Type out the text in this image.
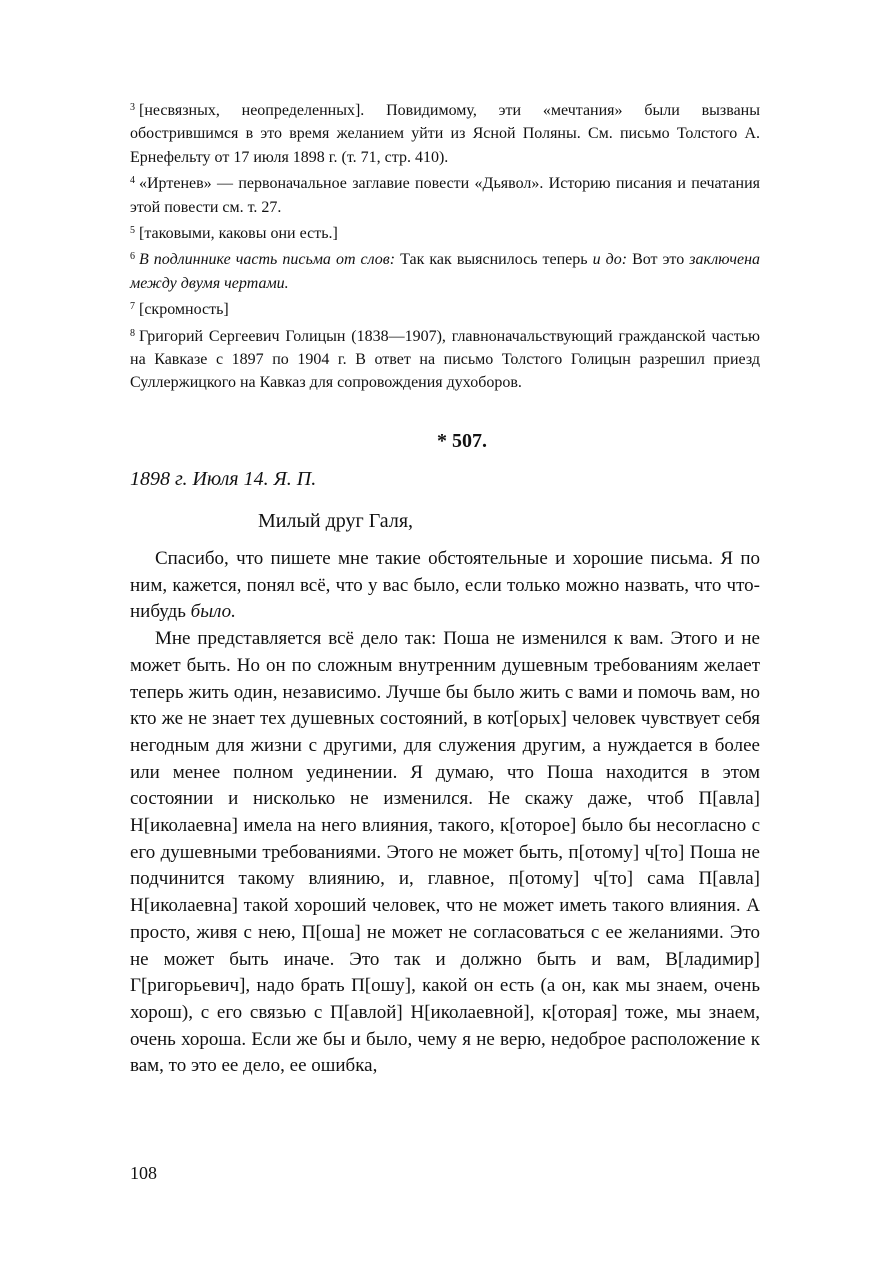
$^3$ [несвязных, неопределенных]. Повидимому, эти «мечтания» были вызваны обострившимся в это время желанием уйти из Ясной Поляны. См. письмо Толстого А. Ернефельту от 17 июля 1898 г. (т. 71, стр. 410).

$^4$ «Иртенев» — первоначальное заглавие повести «Дьявол». Историю писания и печатания этой повести см. т. 27.

$^5$ [таковыми, каковы они есть.]

$^6$ В подлиннике часть письма от слов: Так как выяснилось теперь и до: Вот это заключена между двумя чертами.

$^7$ [скромность]

$^8$ Григорий Сергеевич Голицын (1838—1907), главноначальствующий гражданской частью на Кавказе с 1897 по 1904 г. В ответ на письмо Толстого Голицын разрешил приезд Суллержицкого на Кавказ для сопровождения духоборов.

* 507.
1898 г. Июля 14. Я. П.
Милый друг Галя,

Спасибо, что пишете мне такие обстоятельные и хорошие письма. Я по ним, кажется, понял всё, что у вас было, если только можно назвать, что что-нибудь было.

Мне представляется всё дело так: Поша не изменился к вам. Этого и не может быть. Но он по сложным внутренним душевным требованиям желает теперь жить один, независимо. Лучше бы было жить с вами и помочь вам, но кто же не знает тех душевных состояний, в кот[орых] человек чувствует себя негодным для жизни с другими, для служения другим, а нуждается в более или менее полном уединении. Я думаю, что Поша находится в этом состоянии и нисколько не изменился. Не скажу даже, чтоб П[авла] Н[иколаевна] имела на него влияния, такого, к[оторое] было бы несогласно с его душевными требованиями. Этого не может быть, п[отому] ч[то] Поша не подчинится такому влиянию, и, главное, п[отому] ч[то] сама П[авла] Н[иколаевна] такой хороший человек, что не может иметь такого влияния. А просто, живя с нею, П[оша] не может не согласоваться с ее желаниями. Это не может быть иначе. Это так и должно быть и вам, В[ладимир] Г[ригорьевич], надо брать П[ошу], какой он есть (а он, как мы знаем, очень хорош), с его связью с П[авлой] Н[иколаевной], к[оторая] тоже, мы знаем, очень хороша. Если же бы и было, чему я не верю, недоброе расположение к вам, то это ее дело, ее ошибка,

108
